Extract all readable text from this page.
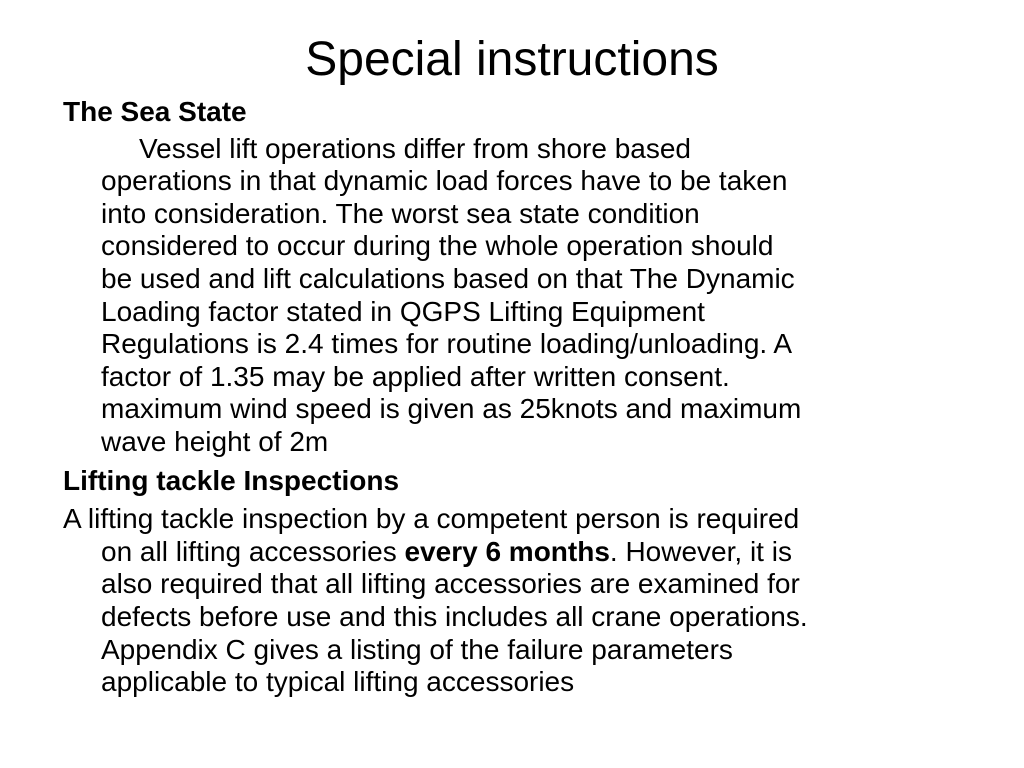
Special instructions

The Sea State

Vessel lift operations differ from shore based
operations in that dynamic load forces have to be taken
into consideration. The worst sea state condition
considered to occur during the whole operation should
be used and lift calculations based on that The Dynamic
Loading factor stated in QGPS Lifting Equipment
Regulations is 2.4 times for routine loading/unloading. A
factor of 1.35 may be applied after written consent.
maximum wind speed is given as 25knots and maximum
wave height of 2m

Lifting tackle Inspections

A lifting tackle inspection by a competent person is required
on all lifting accessories every 6 months. However, it is
also required that all lifting accessories are examined for
defects before use and this includes all crane operations.
Appendix C gives a listing of the failure parameters
applicable to typical lifting accessories
